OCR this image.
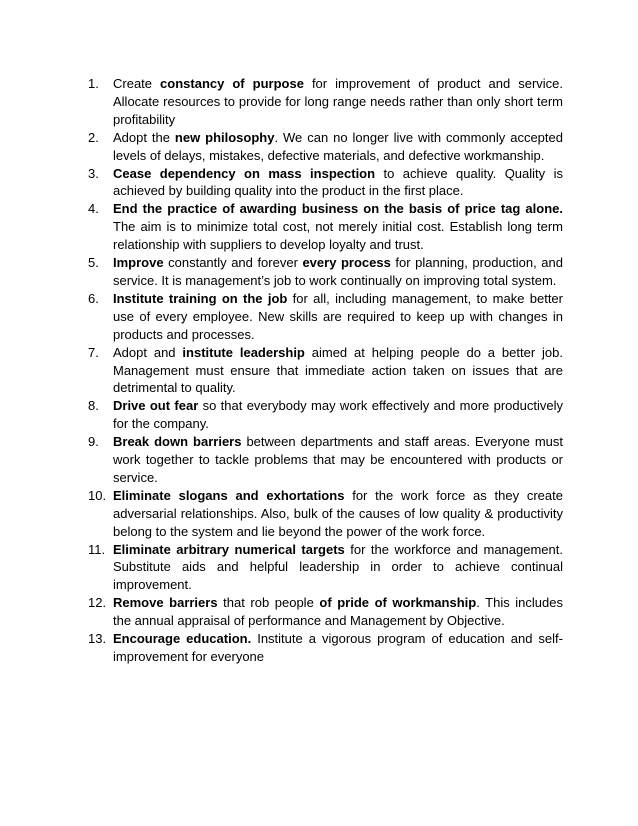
1.	Create constancy of purpose for improvement of product and service. Allocate resources to provide for long range needs rather than only short term profitability
2.	Adopt the new philosophy. We can no longer live with commonly accepted levels of delays, mistakes, defective materials, and defective workmanship.
3.	Cease dependency on mass inspection to achieve quality. Quality is achieved by building quality into the product in the first place.
4.	End the practice of awarding business on the basis of price tag alone. The aim is to minimize total cost, not merely initial cost. Establish long term relationship with suppliers to develop loyalty and trust.
5.	Improve constantly and forever every process for planning, production, and service. It is management’s job to work continually on improving total system.
6.	Institute training on the job for all, including management, to make better use of every employee. New skills are required to keep up with changes in products and processes.
7.	Adopt and institute leadership aimed at helping people do a better job. Management must ensure that immediate action taken on issues that are detrimental to quality.
8.	Drive out fear so that everybody may work effectively and more productively for the company.
9.	Break down barriers between departments and staff areas. Everyone must work together to tackle problems that may be encountered with products or service.
10. Eliminate slogans and exhortations for the work force as they create adversarial relationships. Also, bulk of the causes of low quality & productivity belong to the system and lie beyond the power of the work force.
11. Eliminate arbitrary numerical targets for the workforce and management. Substitute aids and helpful leadership in order to achieve continual improvement.
12. Remove barriers that rob people of pride of workmanship. This includes the annual appraisal of performance and Management by Objective.
13. Encourage education. Institute a vigorous program of education and self-improvement for everyone
